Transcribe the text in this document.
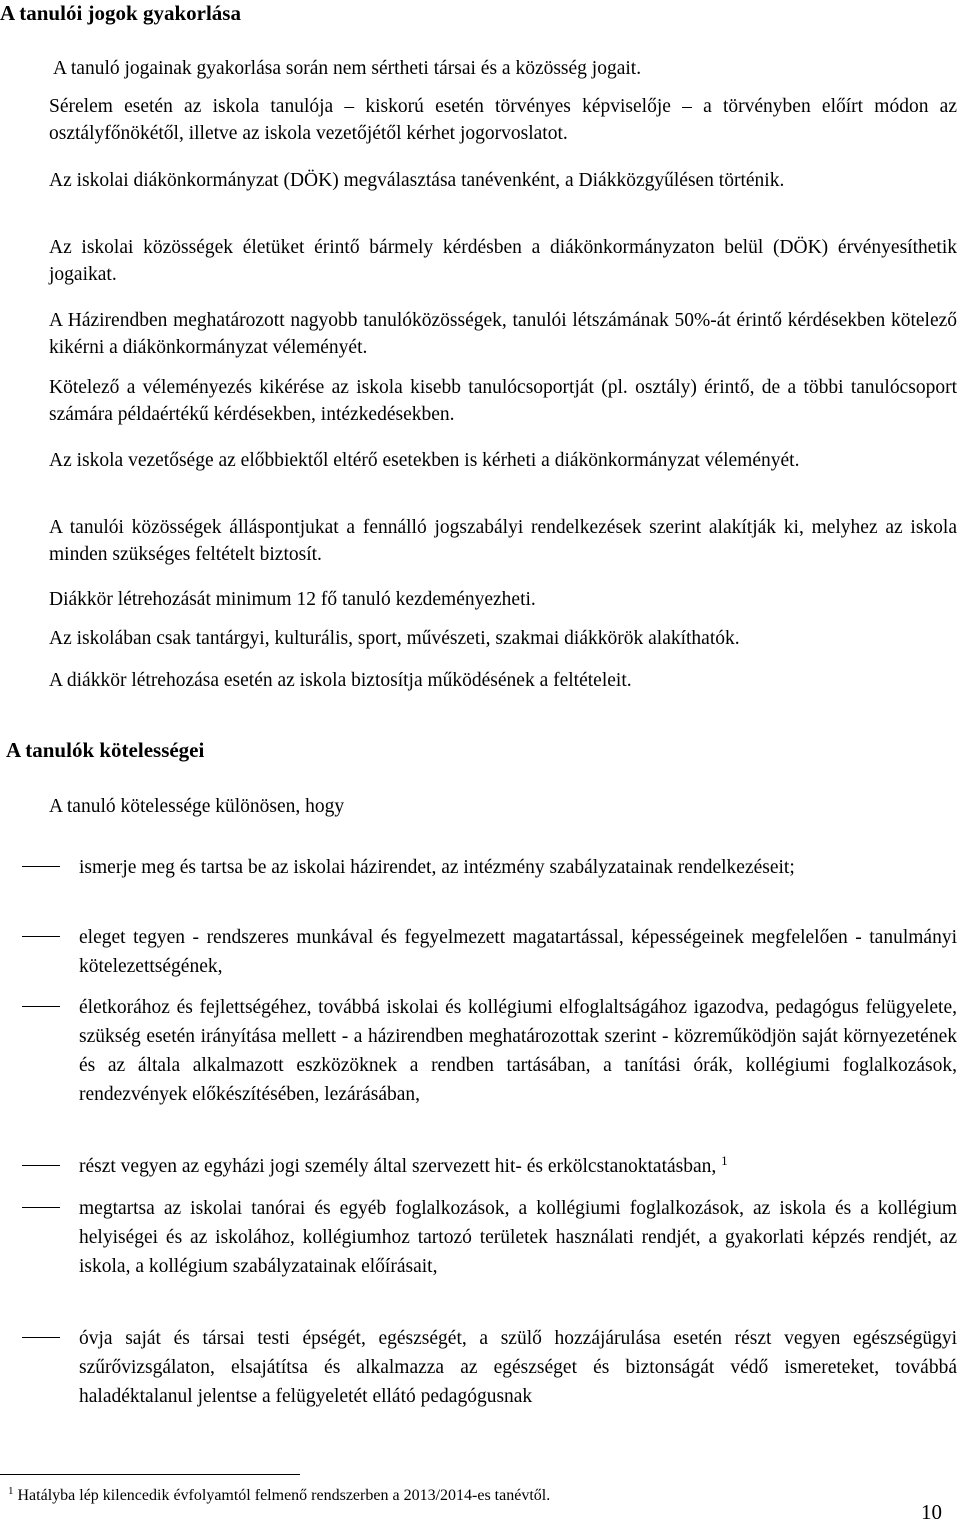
A tanulói jogok gyakorlása

A tanuló jogainak gyakorlása során nem sértheti társai és a közösség jogait.

Sérelem esetén az iskola tanulója – kiskorú esetén törvényes képviselője – a törvényben előírt módon az osztályfőnökétől, illetve az iskola vezetőjétől kérhet jogorvoslatot.

Az iskolai diákönkormányzat (DÖK) megválasztása tanévenként, a Diákközgyűlésen történik.

Az iskolai közösségek életüket érintő bármely kérdésben a diákönkormányzaton belül (DÖK) érvényesíthetik jogaikat.

A Házirendben meghatározott nagyobb tanulóközösségek, tanulói létszámának 50%-át érintő kérdésekben kötelező kikérni a diákönkormányzat véleményét.

Kötelező a véleményezés kikérése az iskola kisebb tanulócsoportját (pl. osztály) érintő, de a többi tanulócsoport számára példaértékű kérdésekben, intézkedésekben.

Az iskola vezetősége az előbbiektől eltérő esetekben is kérheti a diákönkormányzat véleményét.

A tanulói közösségek álláspontjukat a fennálló jogszabályi rendelkezések szerint alakítják ki, melyhez az iskola minden szükséges feltételt biztosít.

Diákkör létrehozását minimum 12 fő tanuló kezdeményezheti.

Az iskolában csak tantárgyi, kulturális, sport, művészeti, szakmai diákkörök alakíthatók.

A diákkör létrehozása esetén az iskola biztosítja működésének a feltételeit.

A tanulók kötelességei

A tanuló kötelessége különösen, hogy

ismerje meg és tartsa be az iskolai házirendet, az intézmény szabályzatainak rendelkezéseit;

eleget tegyen - rendszeres munkával és fegyelmezett magatartással, képességeinek megfelelően - tanulmányi kötelezettségének,

életkorához és fejlettségéhez, továbbá iskolai és kollégiumi elfoglaltságához igazodva, pedagógus felügyelete, szükség esetén irányítása mellett - a házirendben meghatározottak szerint - közreműködjön saját környezetének és az általa alkalmazott eszközöknek a rendben tartásában, a tanítási órák, kollégiumi foglalkozások, rendezvények előkészítésében, lezárásában,

részt vegyen az egyházi jogi személy által szervezett hit- és erkölcstanoktatásban, $^1$

megtartsa az iskolai tanórai és egyéb foglalkozások, a kollégiumi foglalkozások, az iskola és a kollégium helyiségei és az iskolához, kollégiumhoz tartozó területek használati rendjét, a gyakorlati képzés rendjét, az iskola, a kollégium szabályzatainak előírásait,

óvja saját és társai testi épségét, egészségét, a szülő hozzájárulása esetén részt vegyen egészségügyi szűrővizsgálaton, elsajátítsa és alkalmazza az egészséget és biztonságát védő ismereteket, továbbá haladéktalanul jelentse a felügyeletét ellátó pedagógusnak

$^1$ Hatályba lép kilencedik évfolyamtól felmenő rendszerben a 2013/2014-es tanévtől.
10
